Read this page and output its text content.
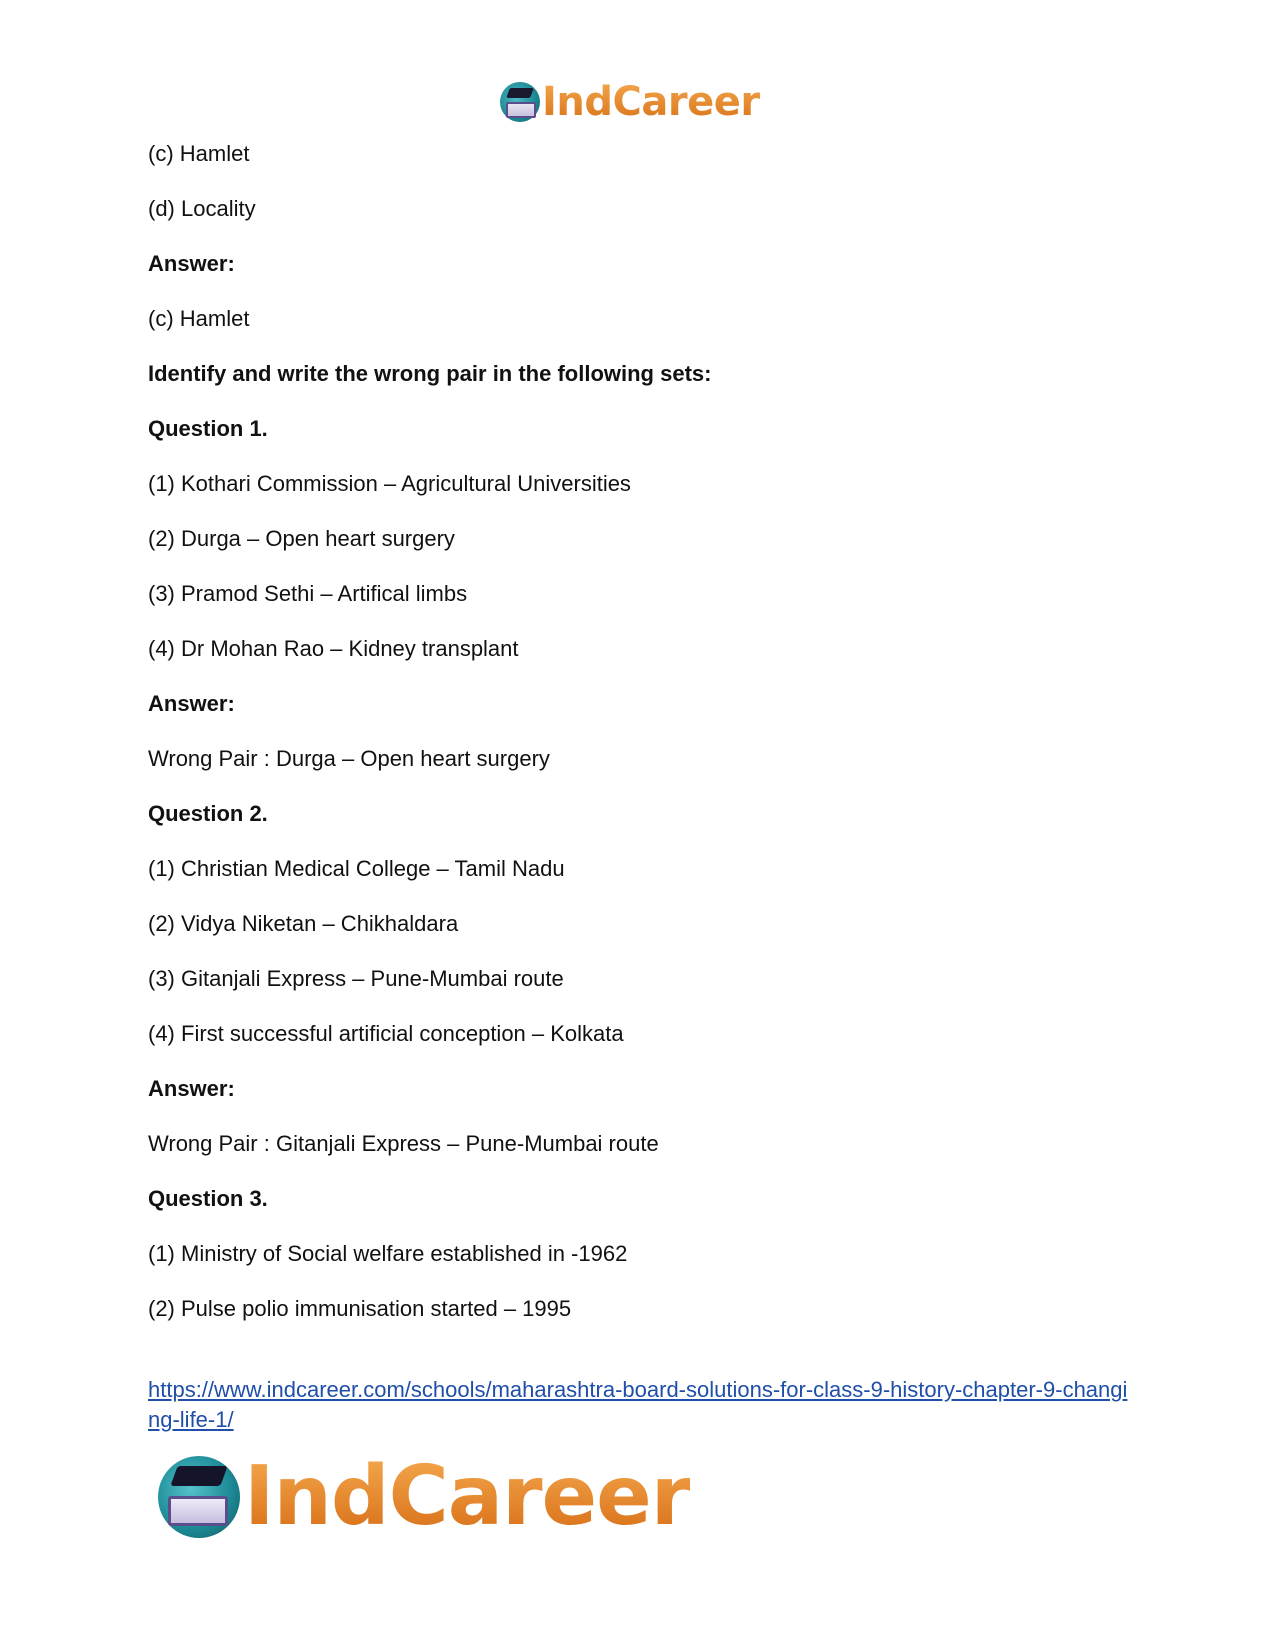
IndCareer
(c) Hamlet
(d) Locality
Answer:
(c) Hamlet
Identify and write the wrong pair in the following sets:
Question 1.
(1) Kothari Commission – Agricultural Universities
(2) Durga – Open heart surgery
(3) Pramod Sethi – Artifical limbs
(4) Dr Mohan Rao – Kidney transplant
Answer:
Wrong Pair : Durga – Open heart surgery
Question 2.
(1) Christian Medical College – Tamil Nadu
(2) Vidya Niketan – Chikhaldara
(3) Gitanjali Express – Pune-Mumbai route
(4) First successful artificial conception – Kolkata
Answer:
Wrong Pair : Gitanjali Express – Pune-Mumbai route
Question 3.
(1) Ministry of Social welfare established in -1962
(2) Pulse polio immunisation started – 1995
https://www.indcareer.com/schools/maharashtra-board-solutions-for-class-9-history-chapter-9-changing-life-1/
IndCareer
